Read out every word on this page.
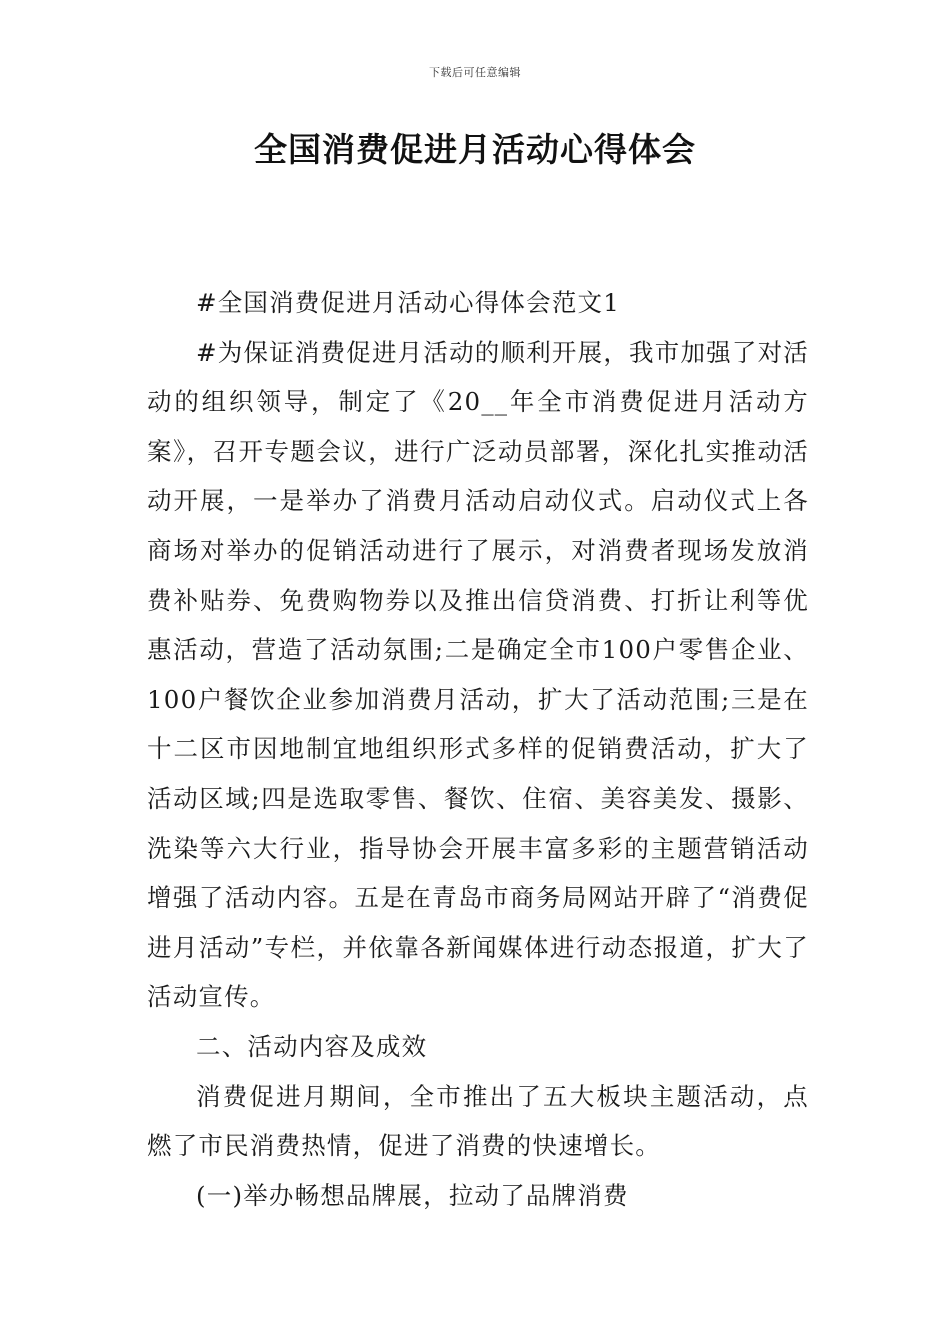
下载后可任意编辑
全国消费促进月活动心得体会

#全国消费促进月活动心得体会范文1

#为保证消费促进月活动的顺利开展，我市加强了对活动的组织领导，制定了《20__年全市消费促进月活动方案》，召开专题会议，进行广泛动员部署，深化扎实推动活动开展，一是举办了消费月活动启动仪式。启动仪式上各商场对举办的促销活动进行了展示，对消费者现场发放消费补贴券、免费购物券以及推出信贷消费、打折让利等优惠活动，营造了活动氛围;二是确定全市100户零售企业、100户餐饮企业参加消费月活动，扩大了活动范围;三是在十二区市因地制宜地组织形式多样的促销费活动，扩大了活动区域;四是选取零售、餐饮、住宿、美容美发、摄影、洗染等六大行业，指导协会开展丰富多彩的主题营销活动增强了活动内容。五是在青岛市商务局网站开辟了“消费促进月活动”专栏，并依靠各新闻媒体进行动态报道，扩大了活动宣传。

二、活动内容及成效

消费促进月期间，全市推出了五大板块主题活动，点燃了市民消费热情，促进了消费的快速增长。

(一)举办畅想品牌展，拉动了品牌消费
